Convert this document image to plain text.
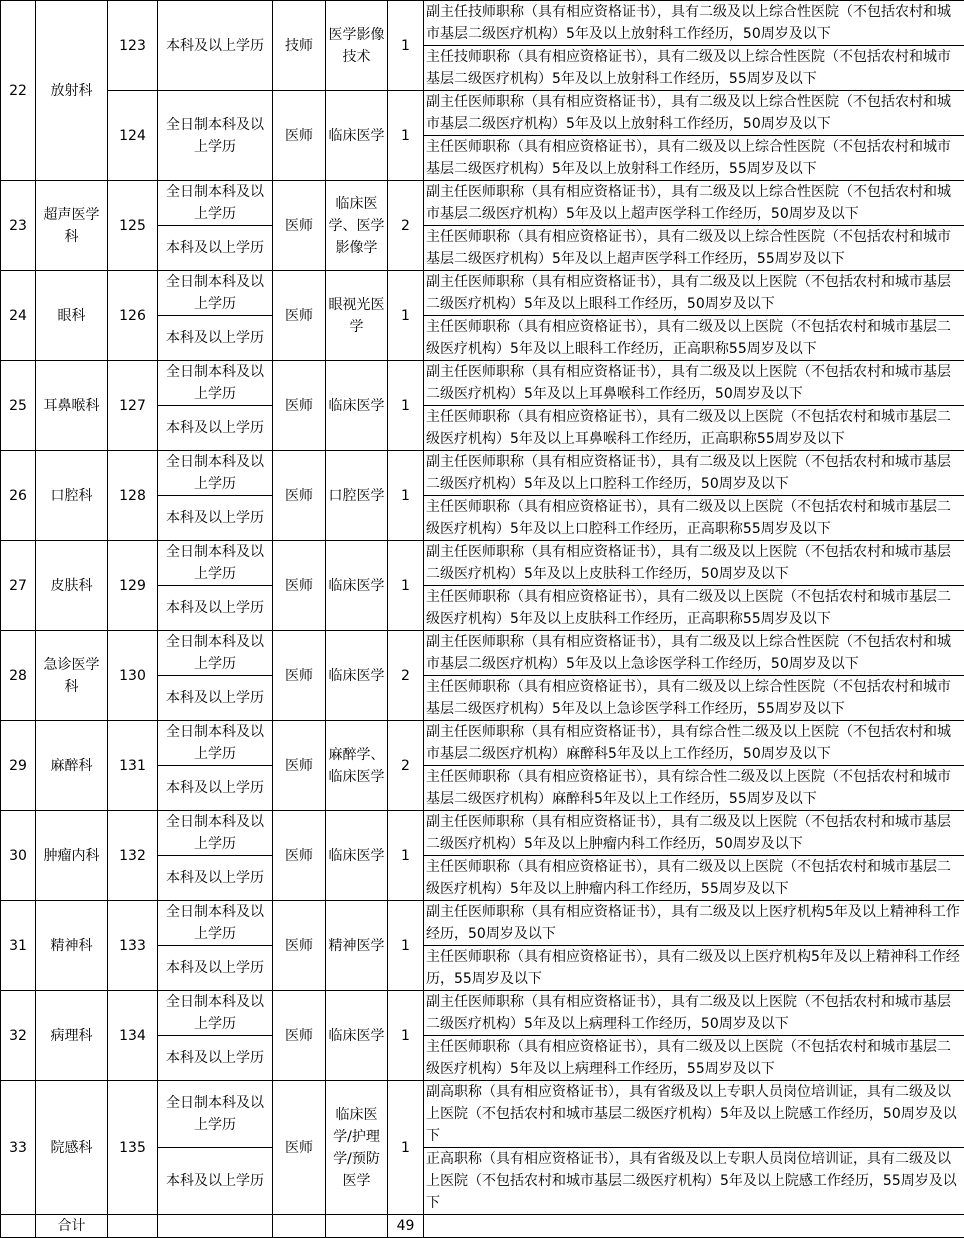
22	放射科	123	本科及以上学历	技师	医学影像技术	1	副主任技师职称（具有相应资格证书），具有二级及以上综合性医院（不包括农村和城市基层二级医疗机构）5年及以上放射科工作经历，50周岁及以下
							主任技师职称（具有相应资格证书），具有二级及以上综合性医院（不包括农村和城市基层二级医疗机构）5年及以上放射科工作经历，55周岁及以下
		124	全日制本科及以上学历	医师	临床医学	1	副主任医师职称（具有相应资格证书），具有二级及以上综合性医院（不包括农村和城市基层二级医疗机构）5年及以上放射科工作经历，50周岁及以下
							主任医师职称（具有相应资格证书），具有二级及以上综合性医院（不包括农村和城市基层二级医疗机构）5年及以上放射科工作经历，55周岁及以下
23	超声医学科	125	全日制本科及以上学历	医师	临床医学、医学影像学	2	副主任医师职称（具有相应资格证书），具有二级及以上综合性医院（不包括农村和城市基层二级医疗机构）5年及以上超声医学科工作经历，50周岁及以下
			本科及以上学历				主任医师职称（具有相应资格证书），具有二级及以上综合性医院（不包括农村和城市基层二级医疗机构）5年及以上超声医学科工作经历，55周岁及以下
24	眼科	126	全日制本科及以上学历	医师	眼视光医学	1	副主任医师职称（具有相应资格证书），具有二级及以上医院（不包括农村和城市基层二级医疗机构）5年及以上眼科工作经历，50周岁及以下
			本科及以上学历				主任医师职称（具有相应资格证书），具有二级及以上医院（不包括农村和城市基层二级医疗机构）5年及以上眼科工作经历，正高职称55周岁及以下
25	耳鼻喉科	127	全日制本科及以上学历	医师	临床医学	1	副主任医师职称（具有相应资格证书），具有二级及以上医院（不包括农村和城市基层二级医疗机构）5年及以上耳鼻喉科工作经历，50周岁及以下
			本科及以上学历				主任医师职称（具有相应资格证书），具有二级及以上医院（不包括农村和城市基层二级医疗机构）5年及以上耳鼻喉科工作经历，正高职称55周岁及以下
26	口腔科	128	全日制本科及以上学历	医师	口腔医学	1	副主任医师职称（具有相应资格证书），具有二级及以上医院（不包括农村和城市基层二级医疗机构）5年及以上口腔科工作经历，50周岁及以下
			本科及以上学历				主任医师职称（具有相应资格证书），具有二级及以上医院（不包括农村和城市基层二级医疗机构）5年及以上口腔科工作经历，正高职称55周岁及以下
27	皮肤科	129	全日制本科及以上学历	医师	临床医学	1	副主任医师职称（具有相应资格证书），具有二级及以上医院（不包括农村和城市基层二级医疗机构）5年及以上皮肤科工作经历，50周岁及以下
			本科及以上学历				主任医师职称（具有相应资格证书），具有二级及以上医院（不包括农村和城市基层二级医疗机构）5年及以上皮肤科工作经历，正高职称55周岁及以下
28	急诊医学科	130	全日制本科及以上学历	医师	临床医学	2	副主任医师职称（具有相应资格证书），具有二级及以上综合性医院（不包括农村和城市基层二级医疗机构）5年及以上急诊医学科工作经历，50周岁及以下
			本科及以上学历				主任医师职称（具有相应资格证书），具有二级及以上综合性医院（不包括农村和城市基层二级医疗机构）5年及以上急诊医学科工作经历，55周岁及以下
29	麻醉科	131	全日制本科及以上学历	医师	麻醉学、临床医学	2	副主任医师职称（具有相应资格证书），具有综合性二级及以上医院（不包括农村和城市基层二级医疗机构）麻醉科5年及以上工作经历，50周岁及以下
			本科及以上学历				主任医师职称（具有相应资格证书），具有综合性二级及以上医院（不包括农村和城市基层二级医疗机构）麻醉科5年及以上工作经历，55周岁及以下
30	肿瘤内科	132	全日制本科及以上学历	医师	临床医学	1	副主任医师职称（具有相应资格证书），具有二级及以上医院（不包括农村和城市基层二级医疗机构）5年及以上肿瘤内科工作经历，50周岁及以下
			本科及以上学历				主任医师职称（具有相应资格证书），具有二级及以上医院（不包括农村和城市基层二级医疗机构）5年及以上肿瘤内科工作经历，55周岁及以下
31	精神科	133	全日制本科及以上学历	医师	精神医学	1	副主任医师职称（具有相应资格证书），具有二级及以上医疗机构5年及以上精神科工作经历，50周岁及以下
			本科及以上学历				主任医师职称（具有相应资格证书），具有二级及以上医疗机构5年及以上精神科工作经历，55周岁及以下
32	病理科	134	全日制本科及以上学历	医师	临床医学	1	副主任医师职称（具有相应资格证书），具有二级及以上医院（不包括农村和城市基层二级医疗机构）5年及以上病理科工作经历，50周岁及以下
			本科及以上学历				主任医师职称（具有相应资格证书），具有二级及以上医院（不包括农村和城市基层二级医疗机构）5年及以上病理科工作经历，55周岁及以下
33	院感科	135	全日制本科及以上学历	医师	临床医学/护理学/预防医学	1	副高职称（具有相应资格证书），具有省级及以上专职人员岗位培训证，具有二级及以上医院（不包括农村和城市基层二级医疗机构）5年及以上院感工作经历，50周岁及以下
			本科及以上学历				正高职称（具有相应资格证书），具有省级及以上专职人员岗位培训证，具有二级及以上医院（不包括农村和城市基层二级医疗机构）5年及以上院感工作经历，55周岁及以下
	合计					49	
